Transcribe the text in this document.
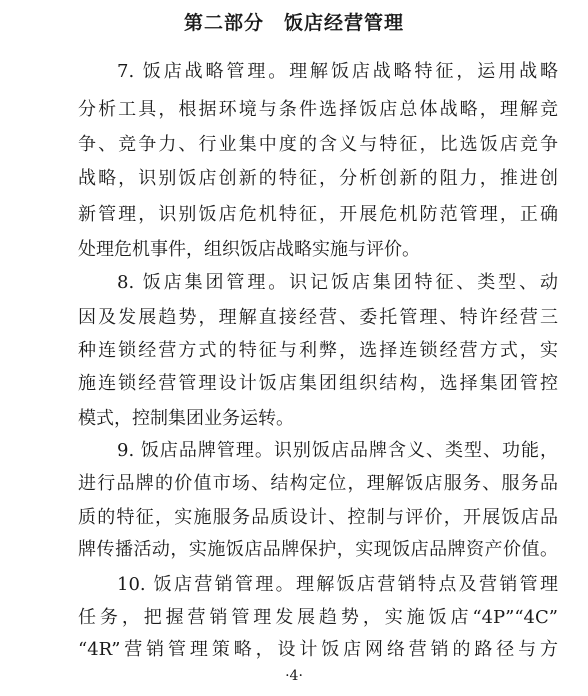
第二部分　饭店经营管理
7. 饭店战略管理。理解饭店战略特征，运用战略
分析工具，根据环境与条件选择饭店总体战略，理解竞
争、竞争力、行业集中度的含义与特征，比选饭店竞争
战略，识别饭店创新的特征，分析创新的阻力，推进创
新管理，识别饭店危机特征，开展危机防范管理，正确
处理危机事件，组织饭店战略实施与评价。
8. 饭店集团管理。识记饭店集团特征、类型、动
因及发展趋势，理解直接经营、委托管理、特许经营三
种连锁经营方式的特征与利弊，选择连锁经营方式，实
施连锁经营管理设计饭店集团组织结构，选择集团管控
模式，控制集团业务运转。
9. 饭店品牌管理。识别饭店品牌含义、类型、功能，
进行品牌的价值市场、结构定位，理解饭店服务、服务品
质的特征，实施服务品质设计、控制与评价，开展饭店品
牌传播活动，实施饭店品牌保护，实现饭店品牌资产价值。
10. 饭店营销管理。理解饭店营销特点及营销管理
任务，把握营销管理发展趋势，实施饭店“4P”“4C”
“4R”营销管理策略，设计饭店网络营销的路径与方
·4·
